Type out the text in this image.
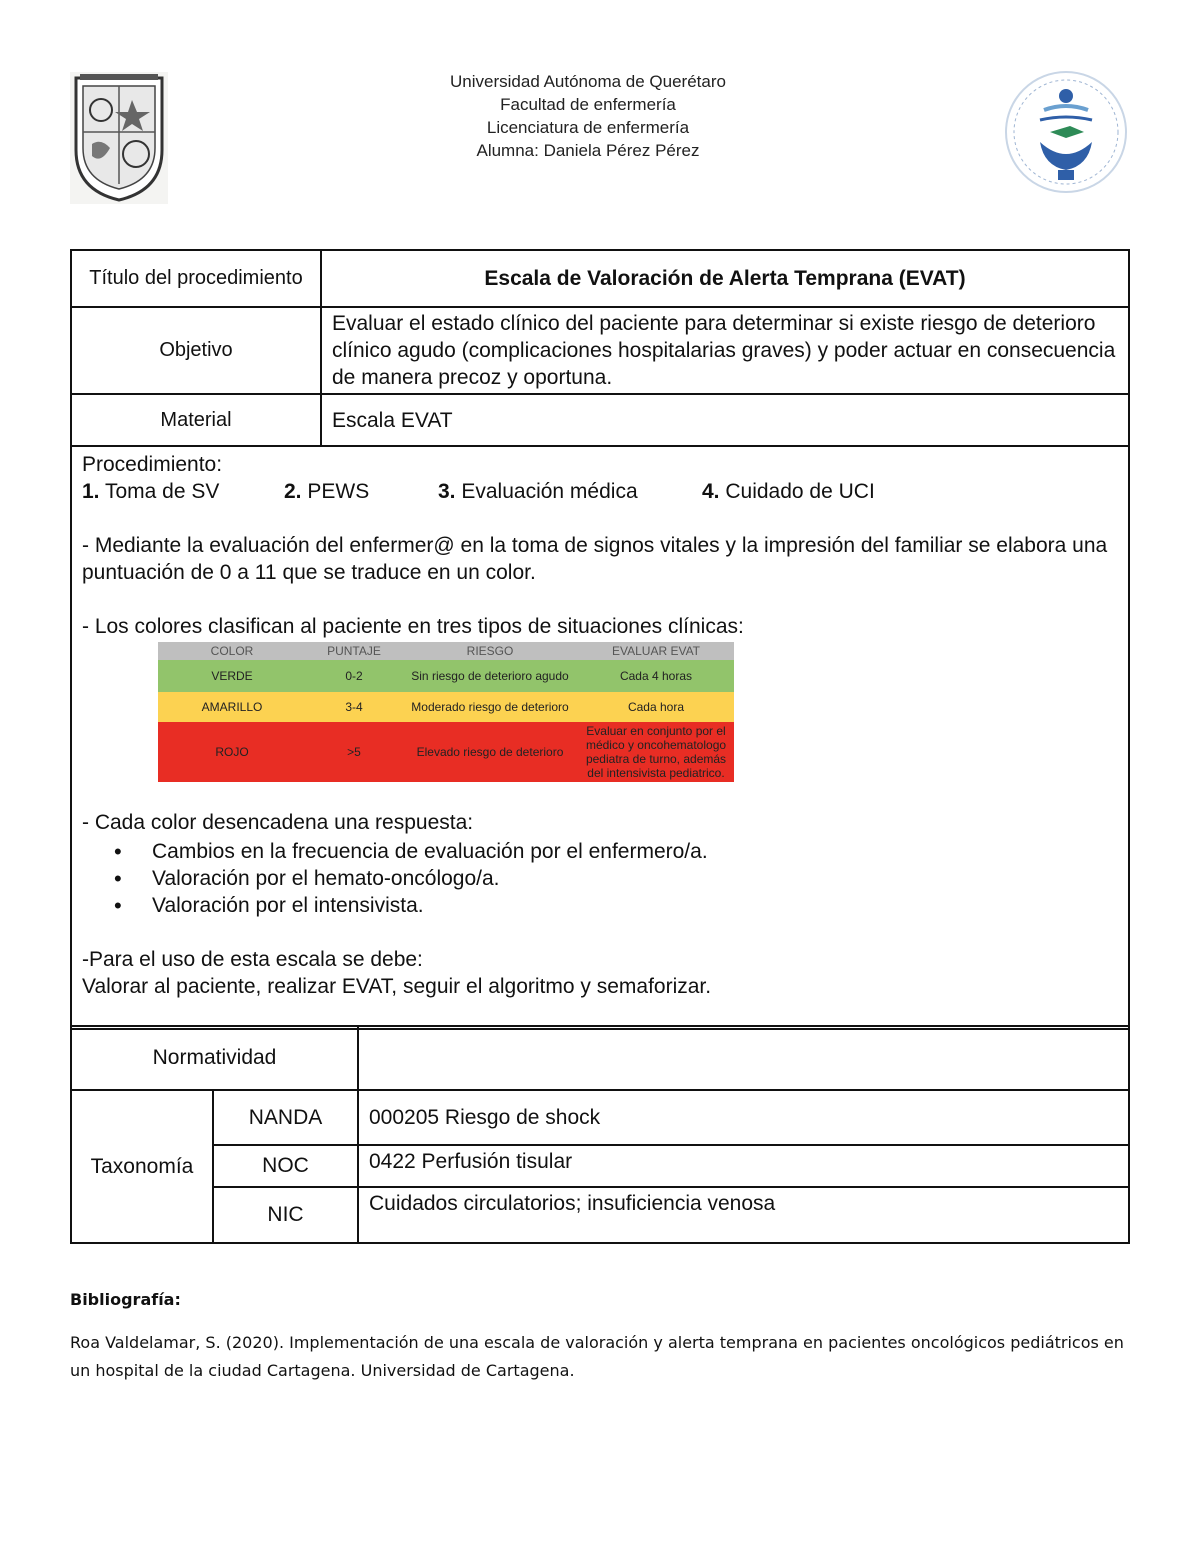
Universidad Autónoma de Querétaro
Facultad de enfermería
Licenciatura de enfermería
Alumna: Daniela Pérez Pérez
Título del procedimiento	Escala de Valoración de Alerta Temprana (EVAT)
Objetivo	Evaluar el estado clínico del paciente para determinar si existe riesgo de deterioro clínico agudo (complicaciones hospitalarias graves) y poder actuar en consecuencia de manera precoz y oportuna.
Material	Escala EVAT

Procedimiento:

1. Toma de SV	2. PEWS	3. Evaluación médica	4. Cuidado de UCI

- Mediante la evaluación del enfermer@ en la toma de signos vitales y la impresión del familiar se elabora una puntuación de 0 a 11 que se traduce en un color.

- Los colores clasifican al paciente en tres tipos de situaciones clínicas:

COLOR	PUNTAJE	RIESGO	EVALUAR EVAT
VERDE	0-2	Sin riesgo de deterioro agudo	Cada 4 horas
AMARILLO	3-4	Moderado riesgo de deterioro	Cada hora
ROJO	>5	Elevado riesgo de deterioro	Evaluar en conjunto por el médico y oncohematologo pediatra de turno, además del intensivista pediatrico.

- Cada color desencadena una respuesta:

• Cambios en la frecuencia de evaluación por el enfermero/a.
• Valoración por el hemato-oncólogo/a.
• Valoración por el intensivista.

-Para el uso de esta escala se debe:

Valorar al paciente, realizar EVAT, seguir el algoritmo y semaforizar.

Normatividad		
Taxonomía	NANDA	000205 Riesgo de shock
	NOC	0422 Perfusión tisular
	NIC	Cuidados circulatorios; insuficiencia venosa
Bibliografía:
Roa Valdelamar, S. (2020). Implementación de una escala de valoración y alerta temprana en pacientes oncológicos pediátricos en un hospital de la ciudad Cartagena. Universidad de Cartagena.
